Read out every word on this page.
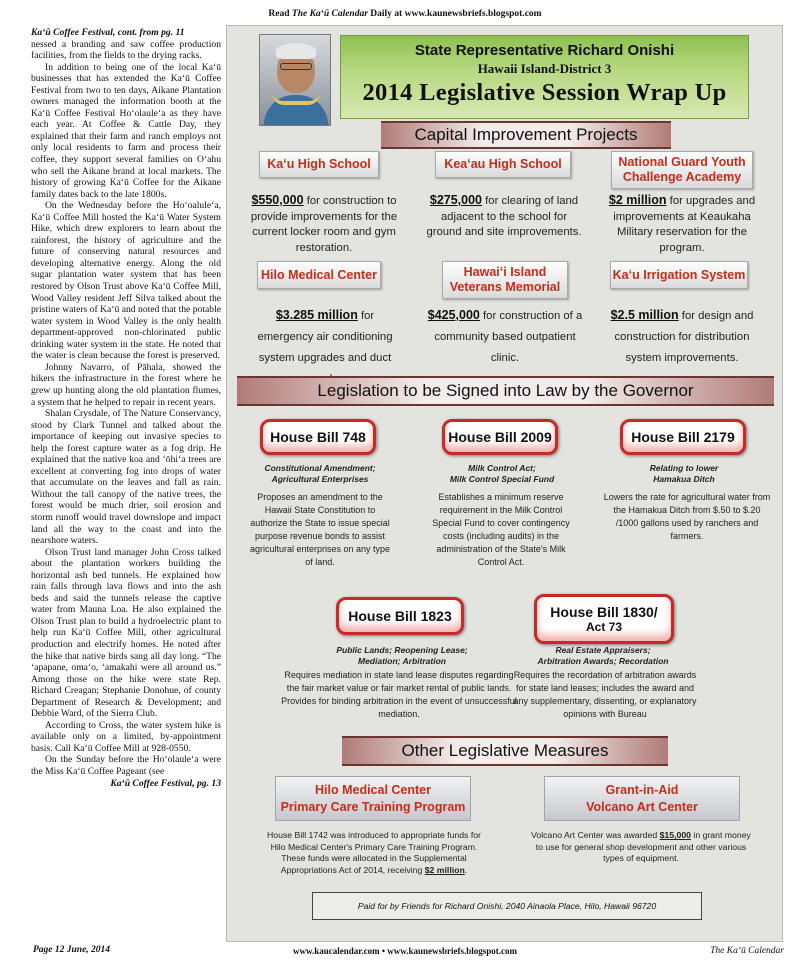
Read The Kaʻū Calendar Daily at www.kaunewsbriefs.blogspot.com
Kaʻū Coffee Festival, cont. from pg. 11

nessed a branding and saw coffee production facilities, from the fields to the drying racks.

In addition to being one of the local Kaʻū businesses that has extended the Kaʻū Coffee Festival from two to ten days, Aikane Plantation owners managed the information booth at the Kaʻū Coffee Festival Hoʻolauleʻa as they have each year. At Coffee & Cattle Day, they explained that their farm and ranch employs not only local residents to farm and process their coffee, they support several families on Oʻahu who sell the Aikane brand at local markets. The history of growing Kaʻū Coffee for the Aikane family dates back to the late 1800s.

On the Wednesday before the Hoʻoaluleʻa, Kaʻū Coffee Mill hosted the Kaʻū Water System Hike, which drew explorers to learn about the rainforest, the history of agriculture and the future of conserving natural resources and developing alternative energy. Along the old sugar plantation water system that has been restored by Olson Trust above Kaʻū Coffee Mill, Wood Valley resident Jeff Silva talked about the pristine waters of Kaʻū and noted that the potable water system in Wood Valley is the only health department-approved non-chlorinated public drinking water system in the state. He noted that the water is clean because the forest is preserved.

Johnny Navarro, of Pāhala, showed the hikers the infrastructure in the forest where he grew up hunting along the old plantation flumes, a system that he helped to repair in recent years.

Shalan Crysdale, of The Nature Conservancy, stood by Clark Tunnel and talked about the importance of keeping out invasive species to help the forest capture water as a fog drip. He explained that the native koa and ʻōhiʻa trees are excellent at converting fog into drops of water that accumulate on the leaves and fall as rain. Without the tall canopy of the native trees, the forest would be much drier, soil erosion and storm runoff would travel downslope and impact land all the way to the coast and into the nearshore waters.

Olson Trust land manager John Cross talked about the plantation workers building the horizontal ash bed tunnels. He explained how rain falls through lava flows and into the ash beds and said the tunnels release the captive water from Mauna Loa. He also explained the Olson Trust plan to build a hydroelectric plant to help run Kaʻū Coffee Mill, other agricultural production and electrify homes. He noted after the hike that native birds sang all day long. “The ʻapapane, omaʻo, ʻamakahi were all around us.” Among those on the hike were state Rep. Richard Creagan; Stephanie Donohue, of county Department of Research & Development; and Debbie Ward, of the Sierra Club.

According to Cross, the water system hike is available only on a limited, by-appointment basis. Call Kaʻū Coffee Mill at 928-0550.

On the Sunday before the Hoʻolauleʻa were the Miss Kaʻū Coffee Pageant (see

Kaʻū Coffee Festival, pg. 13
State Representative Richard Onishi
Hawaii Island-District 3
2014 Legislative Session Wrap Up
Capital Improvement Projects
Kaʻu High School
$550,000 for construction to provide improvements for the current locker room and gym restoration.
Keaʻau High School
$275,000 for clearing of land adjacent to the school for ground and site improvements.
National Guard Youth Challenge Academy
$2 million for upgrades and improvements at Keaukaha Military reservation for the program.
Hilo Medical Center
$3.285 million for emergency air conditioning system upgrades and duct
Hawaiʻi Island Veterans Memorial
$425,000 for construction of a community based outpatient clinic.
Kaʻu Irrigation System
$2.5 million for design and construction for distribution system improvements.
Legislation to be Signed into Law by the Governor
House Bill 748
Constitutional Amendment;
Agricultural Enterprises
Proposes an amendment to the Hawaii State Constitution to authorize the State to issue special purpose revenue bonds to assist agricultural enterprises on any type of land.
House Bill 2009
Milk Control Act;
Milk Control Special Fund
Establishes a minimum reserve requirement in the Milk Control Special Fund to cover contingency costs (including audits) in the administration of the State's Milk Control Act.
House Bill 2179
Relating to lower
Hamakua Ditch
Lowers the rate for agricultural water from the Hamakua Ditch from $.50 to $.20 /1000 gallons used by ranchers and farmers.
House Bill 1823
Public Lands; Reopening Lease;
Mediation; Arbitration
Requires mediation in state land lease disputes regarding the fair market value or fair market rental of public lands. Provides for binding arbitration in the event of unsuccessful mediation.
House Bill 1830/
Act 73
Real Estate Appraisers;
Arbitration Awards; Recordation
Requires the recordation of arbitration awards for state land leases; includes the award and any supplementary, dissenting, or explanatory opinions with Bureau
Other Legislative Measures
Hilo Medical Center
Primary Care Training Program
House Bill 1742 was introduced to appropriate funds for Hilo Medical Center's Primary Care Training Program. These funds were allocated in the Supplemental Appropriations Act of 2014, receiving $2 million.
Grant-in-Aid
Volcano Art Center
Volcano Art Center was awarded $15,000 in grant money to use for general shop development and other various types of equipment.
Paid for by Friends for Richard Onishi, 2040 Ainaola Place, Hilo, Hawaii 96720
Page 12 June, 2014	www.kaucalendar.com • www.kaunewsbriefs.blogspot.com	The Kaʻū Calendar
